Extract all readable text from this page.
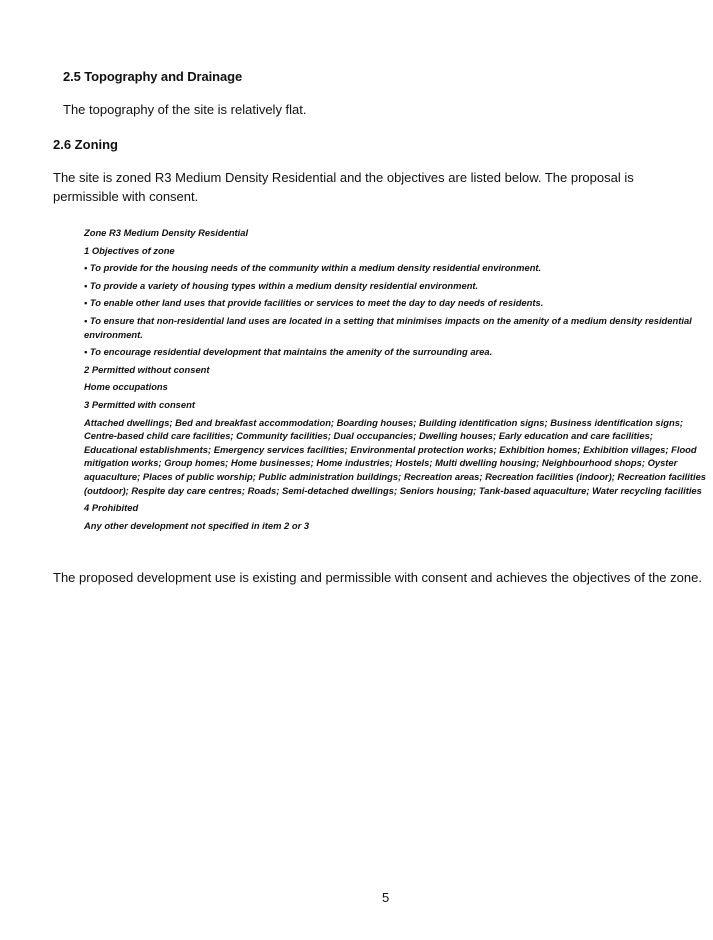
2.5 Topography and Drainage
The topography of the site is relatively flat.
2.6 Zoning
The site is zoned R3 Medium Density Residential and the objectives are listed below. The proposal is permissible with consent.

Zone R3 Medium Density Residential

1 Objectives of zone

• To provide for the housing needs of the community within a medium density residential environment.

• To provide a variety of housing types within a medium density residential environment.

• To enable other land uses that provide facilities or services to meet the day to day needs of residents.

• To ensure that non-residential land uses are located in a setting that minimises impacts on the amenity of a medium density residential environment.

• To encourage residential development that maintains the amenity of the surrounding area.

2 Permitted without consent

Home occupations

3 Permitted with consent

Attached dwellings; Bed and breakfast accommodation; Boarding houses; Building identification signs; Business identification signs; Centre-based child care facilities; Community facilities; Dual occupancies; Dwelling houses; Early education and care facilities; Educational establishments; Emergency services facilities; Environmental protection works; Exhibition homes; Exhibition villages; Flood mitigation works; Group homes; Home businesses; Home industries; Hostels; Multi dwelling housing; Neighbourhood shops; Oyster aquaculture; Places of public worship; Public administration buildings; Recreation areas; Recreation facilities (indoor); Recreation facilities (outdoor); Respite day care centres; Roads; Semi-detached dwellings; Seniors housing; Tank-based aquaculture; Water recycling facilities

4 Prohibited

Any other development not specified in item 2 or 3

The proposed development use is existing and permissible with consent and achieves the objectives of the zone.
5
